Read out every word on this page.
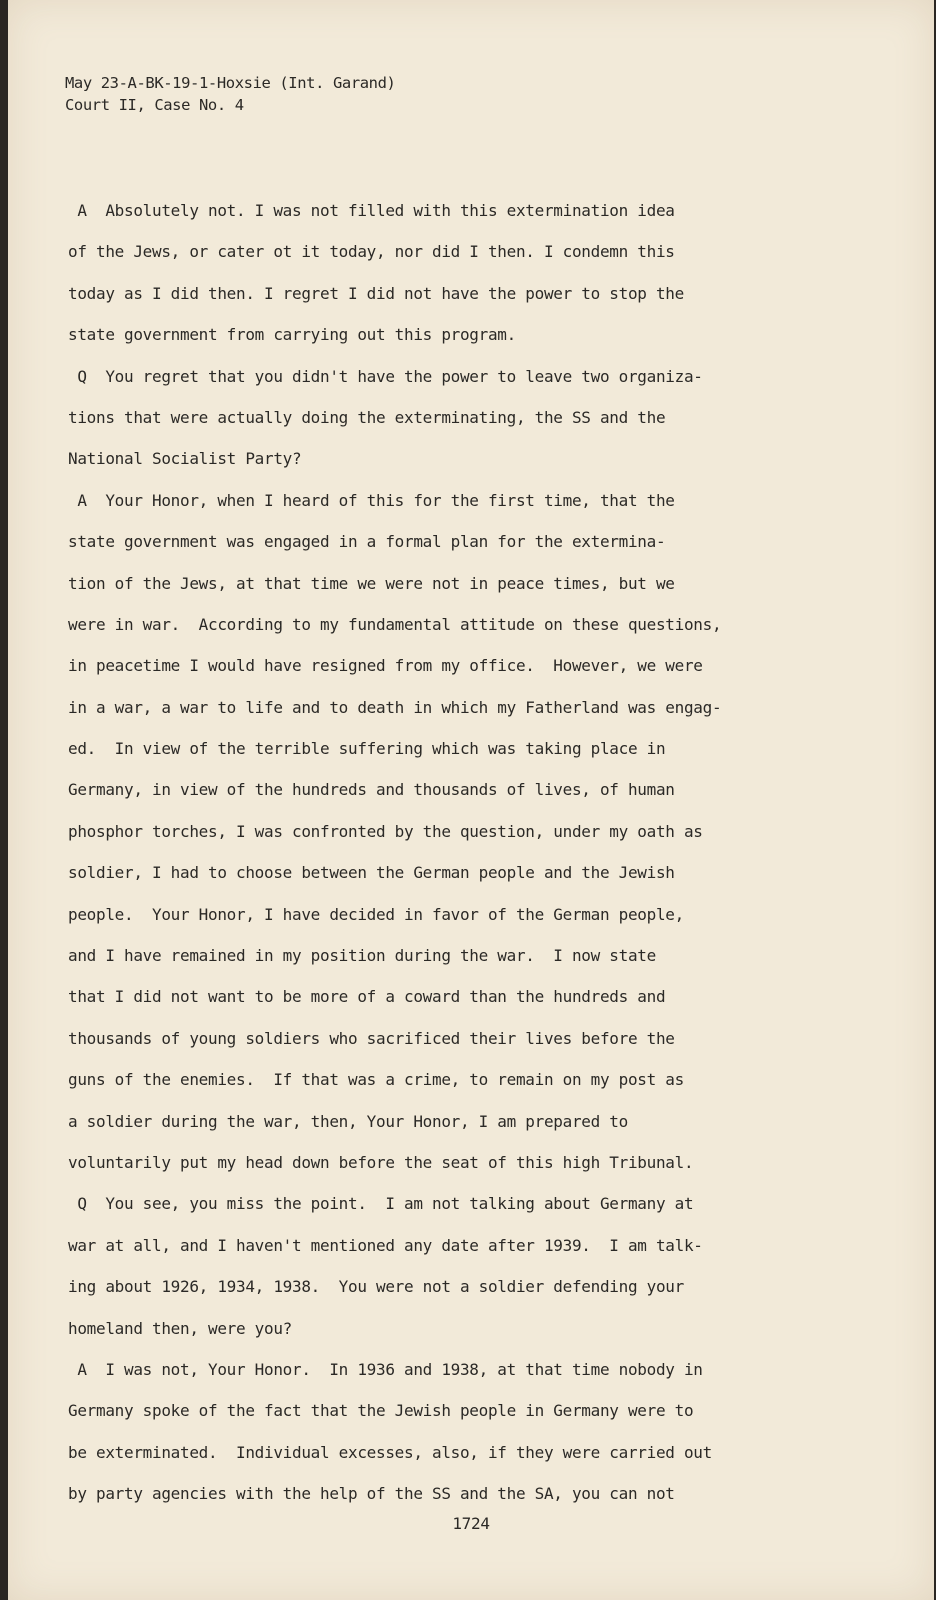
May 23-A-BK-19-1-Hoxsie (Int. Garand)
Court II, Case No. 4
A  Absolutely not. I was not filled with this extermination idea
of the Jews, or cater ot it today, nor did I then. I condemn this
today as I did then. I regret I did not have the power to stop the
state government from carrying out this program.
Q  You regret that you didn't have the power to leave two organiza-
tions that were actually doing the exterminating, the SS and the
National Socialist Party?
A  Your Honor, when I heard of this for the first time, that the
state government was engaged in a formal plan for the extermina-
tion of the Jews, at that time we were not in peace times, but we
were in war.  According to my fundamental attitude on these questions,
in peacetime I would have resigned from my office.  However, we were
in a war, a war to life and to death in which my Fatherland was engag-
ed.  In view of the terrible suffering which was taking place in
Germany, in view of the hundreds and thousands of lives, of human
phosphor torches, I was confronted by the question, under my oath as
soldier, I had to choose between the German people and the Jewish
people.  Your Honor, I have decided in favor of the German people,
and I have remained in my position during the war.  I now state
that I did not want to be more of a coward than the hundreds and
thousands of young soldiers who sacrificed their lives before the
guns of the enemies.  If that was a crime, to remain on my post as
a soldier during the war, then, Your Honor, I am prepared to
voluntarily put my head down before the seat of this high Tribunal.
Q  You see, you miss the point.  I am not talking about Germany at
war at all, and I haven't mentioned any date after 1939.  I am talk-
ing about 1926, 1934, 1938.  You were not a soldier defending your
homeland then, were you?
A  I was not, Your Honor.  In 1936 and 1938, at that time nobody in
Germany spoke of the fact that the Jewish people in Germany were to
be exterminated.  Individual excesses, also, if they were carried out
by party agencies with the help of the SS and the SA, you can not
1724
